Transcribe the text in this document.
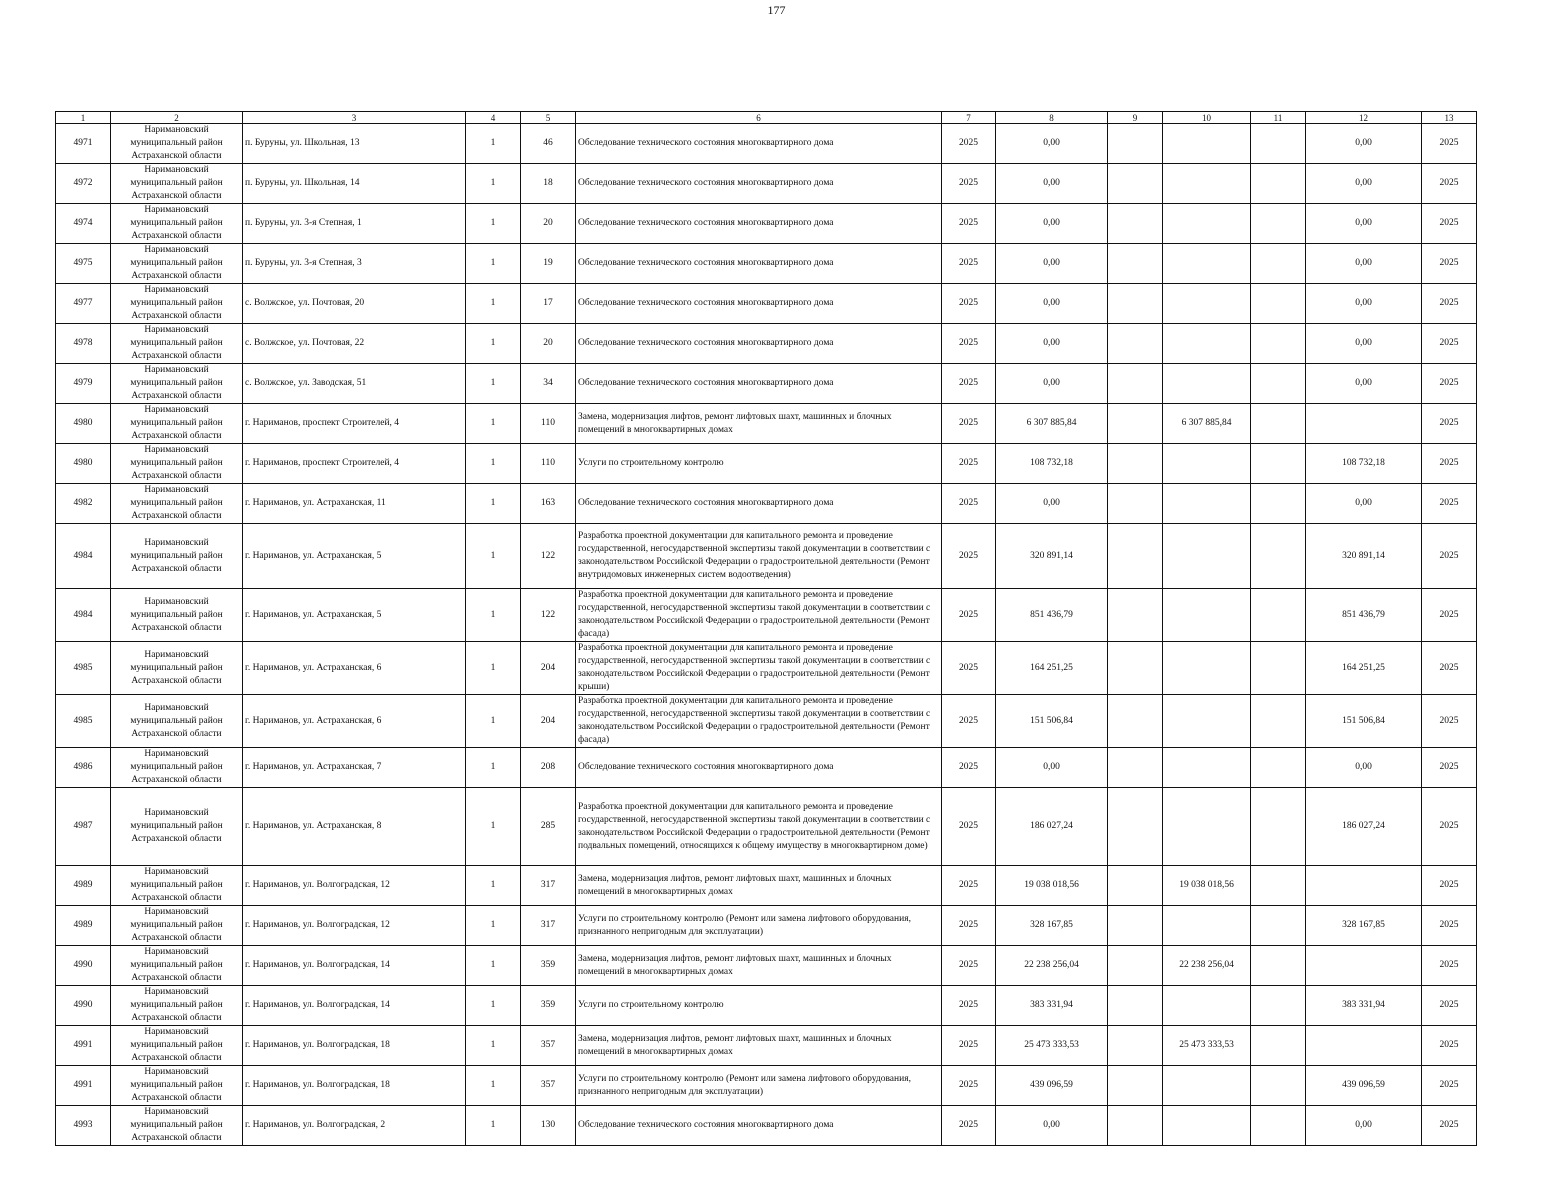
177
1	2	3	4	5	6	7	8	9	10	11	12	13
4971	Наримановский муниципальный район Астраханской области	п. Буруны, ул. Школьная, 13	1	46	Обследование технического состояния многоквартирного дома	2025	0,00				0,00	2025
4972	Наримановский муниципальный район Астраханской области	п. Буруны, ул. Школьная, 14	1	18	Обследование технического состояния многоквартирного дома	2025	0,00				0,00	2025
4974	Наримановский муниципальный район Астраханской области	п. Буруны, ул. 3-я Степная, 1	1	20	Обследование технического состояния многоквартирного дома	2025	0,00				0,00	2025
4975	Наримановский муниципальный район Астраханской области	п. Буруны, ул. 3-я Степная, 3	1	19	Обследование технического состояния многоквартирного дома	2025	0,00				0,00	2025
4977	Наримановский муниципальный район Астраханской области	с. Волжское, ул. Почтовая, 20	1	17	Обследование технического состояния многоквартирного дома	2025	0,00				0,00	2025
4978	Наримановский муниципальный район Астраханской области	с. Волжское, ул. Почтовая, 22	1	20	Обследование технического состояния многоквартирного дома	2025	0,00				0,00	2025
4979	Наримановский муниципальный район Астраханской области	с. Волжское, ул. Заводская, 51	1	34	Обследование технического состояния многоквартирного дома	2025	0,00				0,00	2025
4980	Наримановский муниципальный район Астраханской области	г. Нариманов, проспект Строителей, 4	1	110	Замена, модернизация лифтов, ремонт лифтовых шахт, машинных и блочных помещений в многоквартирных домах	2025	6 307 885,84		6 307 885,84			2025
4980	Наримановский муниципальный район Астраханской области	г. Нариманов, проспект Строителей, 4	1	110	Услуги по строительному контролю	2025	108 732,18				108 732,18	2025
4982	Наримановский муниципальный район Астраханской области	г. Нариманов, ул. Астраханская, 11	1	163	Обследование технического состояния многоквартирного дома	2025	0,00				0,00	2025
4984	Наримановский муниципальный район Астраханской области	г. Нариманов, ул. Астраханская, 5	1	122	Разработка проектной документации для капитального ремонта и проведение государственной, негосударственной экспертизы такой документации в соответствии с законодательством Российской Федерации о градостроительной деятельности (Ремонт внутридомовых инженерных систем водоотведения)	2025	320 891,14				320 891,14	2025
4984	Наримановский муниципальный район Астраханской области	г. Нариманов, ул. Астраханская, 5	1	122	Разработка проектной документации для капитального ремонта и проведение государственной, негосударственной экспертизы такой документации в соответствии с законодательством Российской Федерации о градостроительной деятельности (Ремонт фасада)	2025	851 436,79				851 436,79	2025
4985	Наримановский муниципальный район Астраханской области	г. Нариманов, ул. Астраханская, 6	1	204	Разработка проектной документации для капитального ремонта и проведение государственной, негосударственной экспертизы такой документации в соответствии с законодательством Российской Федерации о градостроительной деятельности (Ремонт крыши)	2025	164 251,25				164 251,25	2025
4985	Наримановский муниципальный район Астраханской области	г. Нариманов, ул. Астраханская, 6	1	204	Разработка проектной документации для капитального ремонта и проведение государственной, негосударственной экспертизы такой документации в соответствии с законодательством Российской Федерации о градостроительной деятельности (Ремонт фасада)	2025	151 506,84				151 506,84	2025
4986	Наримановский муниципальный район Астраханской области	г. Нариманов, ул. Астраханская, 7	1	208	Обследование технического состояния многоквартирного дома	2025	0,00				0,00	2025
4987	Наримановский муниципальный район Астраханской области	г. Нариманов, ул. Астраханская, 8	1	285	Разработка проектной документации для капитального ремонта и проведение государственной, негосударственной экспертизы такой документации в соответствии с законодательством Российской Федерации о градостроительной деятельности (Ремонт подвальных помещений, относящихся к общему имуществу в многоквартирном доме)	2025	186 027,24				186 027,24	2025
4989	Наримановский муниципальный район Астраханской области	г. Нариманов, ул. Волгоградская, 12	1	317	Замена, модернизация лифтов, ремонт лифтовых шахт, машинных и блочных помещений в многоквартирных домах	2025	19 038 018,56		19 038 018,56			2025
4989	Наримановский муниципальный район Астраханской области	г. Нариманов, ул. Волгоградская, 12	1	317	Услуги по строительному контролю (Ремонт или замена лифтового оборудования, признанного непригодным для эксплуатации)	2025	328 167,85				328 167,85	2025
4990	Наримановский муниципальный район Астраханской области	г. Нариманов, ул. Волгоградская, 14	1	359	Замена, модернизация лифтов, ремонт лифтовых шахт, машинных и блочных помещений в многоквартирных домах	2025	22 238 256,04		22 238 256,04			2025
4990	Наримановский муниципальный район Астраханской области	г. Нариманов, ул. Волгоградская, 14	1	359	Услуги по строительному контролю	2025	383 331,94				383 331,94	2025
4991	Наримановский муниципальный район Астраханской области	г. Нариманов, ул. Волгоградская, 18	1	357	Замена, модернизация лифтов, ремонт лифтовых шахт, машинных и блочных помещений в многоквартирных домах	2025	25 473 333,53		25 473 333,53			2025
4991	Наримановский муниципальный район Астраханской области	г. Нариманов, ул. Волгоградская, 18	1	357	Услуги по строительному контролю (Ремонт или замена лифтового оборудования, признанного непригодным для эксплуатации)	2025	439 096,59				439 096,59	2025
4993	Наримановский муниципальный район Астраханской области	г. Нариманов, ул. Волгоградская, 2	1	130	Обследование технического состояния многоквартирного дома	2025	0,00				0,00	2025
